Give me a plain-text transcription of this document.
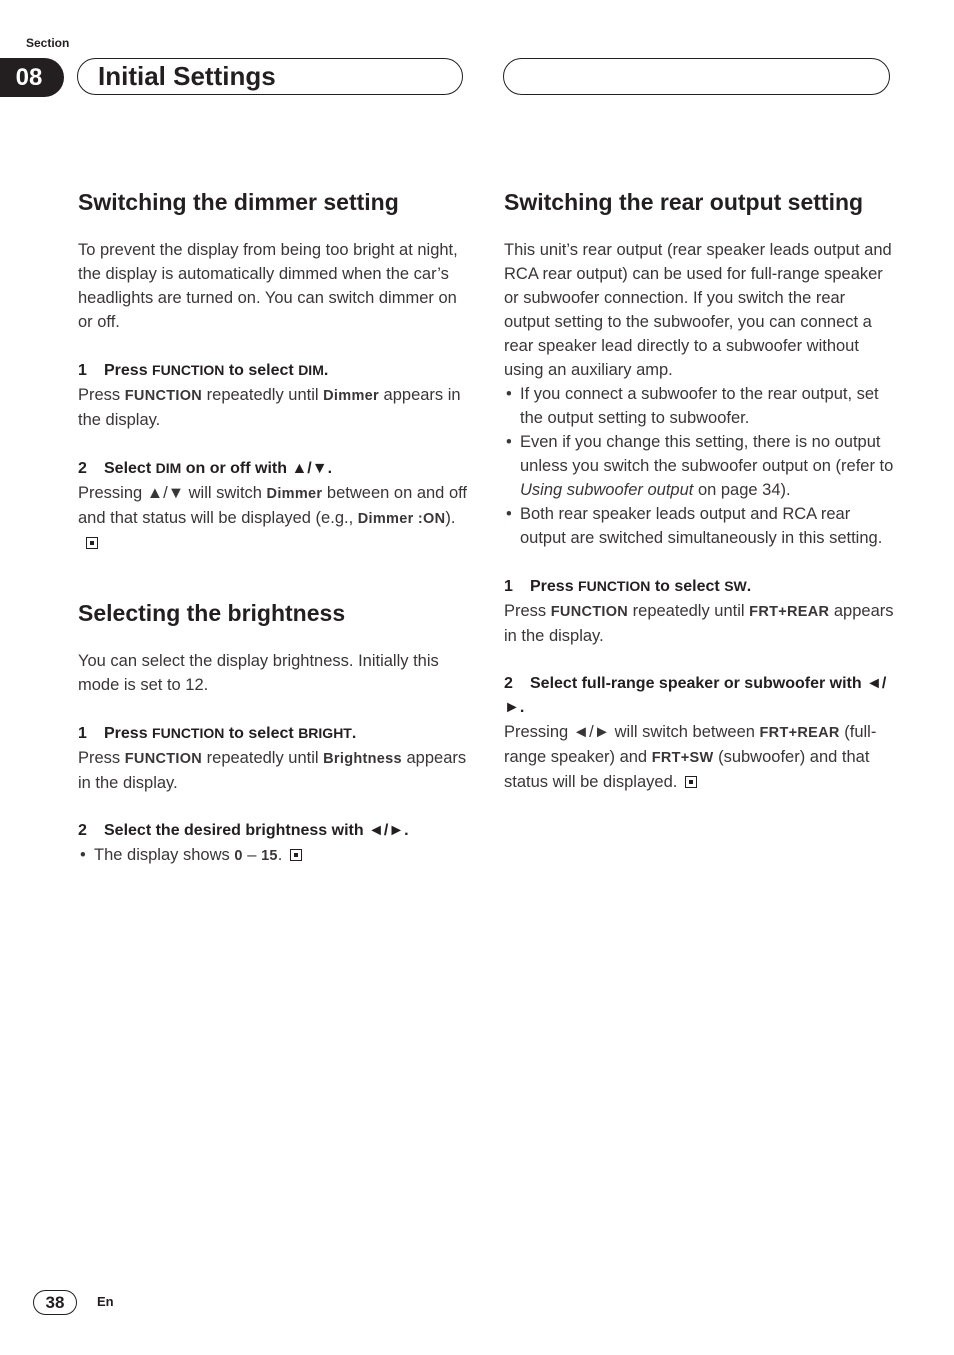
Section
08	Initial Settings
Switching the dimmer setting

To prevent the display from being too bright at night, the display is automatically dimmed when the car’s headlights are turned on. You can switch dimmer on or off.

1 Press FUNCTION to select DIM.

Press FUNCTION repeatedly until Dimmer appears in the display.

2 Select DIM on or off with ▲/▼.

Pressing ▲/▼ will switch Dimmer between on and off and that status will be displayed (e.g., Dimmer :ON).

Selecting the brightness

You can select the display brightness. Initially this mode is set to 12.

1 Press FUNCTION to select BRIGHT.

Press FUNCTION repeatedly until Brightness appears in the display.

2 Select the desired brightness with ◄/►.

• The display shows 0 – 15.
Switching the rear output setting

This unit’s rear output (rear speaker leads output and RCA rear output) can be used for full-range speaker or subwoofer connection. If you switch the rear output setting to the subwoofer, you can connect a rear speaker lead directly to a subwoofer without using an auxiliary amp.

• If you connect a subwoofer to the rear output, set the output setting to subwoofer.
• Even if you change this setting, there is no output unless you switch the subwoofer output on (refer to Using subwoofer output on page 34).
• Both rear speaker leads output and RCA rear output are switched simultaneously in this setting.

1 Press FUNCTION to select SW.

Press FUNCTION repeatedly until FRT+REAR appears in the display.

2 Select full-range speaker or subwoofer with ◄/►.

Pressing ◄/► will switch between FRT+REAR (full-range speaker) and FRT+SW (subwoofer) and that status will be displayed.

38	En
